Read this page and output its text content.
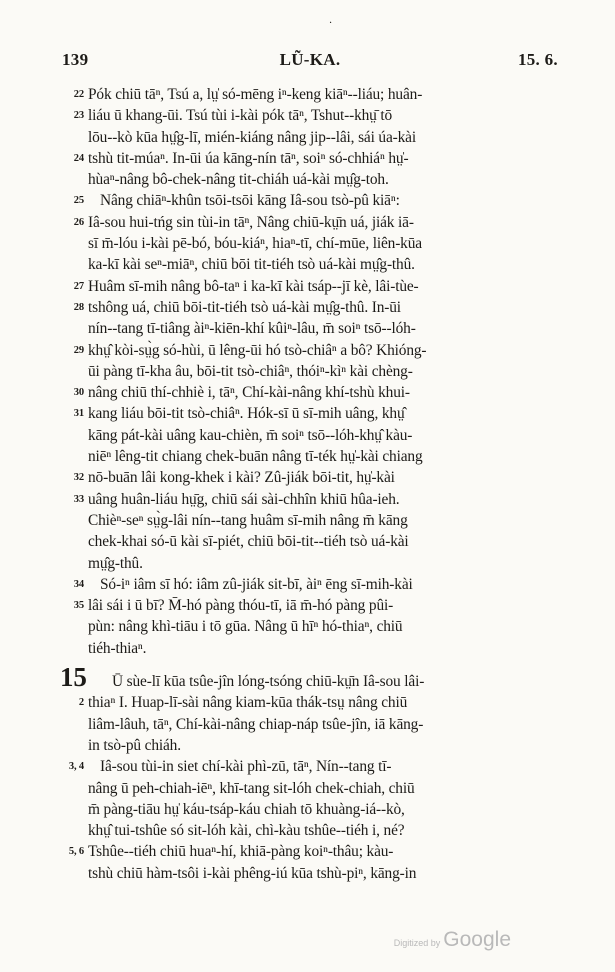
·
139	LŨ-KA.	15. 6.
22 Pók chiū tāⁿ, Tsú a, lṳ̍ só-mēng iⁿ-keng kiāⁿ--liáu; huân-
23 liáu ū khang-ūi. Tsú tùi i-kài pók tāⁿ, Tshut--khṳ̄ tō
lōu--kò kūa hṳ̂g-lī, mién-kiáng nâng jip--lâi, sái úa-kài
24 tshù tit-múaⁿ. In-ūi úa kāng-nín tāⁿ, soiⁿ só-chhiáⁿ hṳ̍-
hùaⁿ-nâng bô-chek-nâng tit-chiáh uá-kài mṳ̂g-toh.
25 Nâng chiāⁿ-khûn tsōi-tsōi kāng Iâ-sou tsò-pû kiāⁿ:
26 Iâ-sou hui-tńg sin tùi-in tāⁿ, Nâng chiū-kṳ̄n uá, jiák iā-
sī m̄-lóu i-kài pē-bó, bóu-kiáⁿ, hiaⁿ-tī, chí-mūe, liên-kūa
ka-kī kài seⁿ-miāⁿ, chiū bōi tit-tiéh tsò uá-kài mṳ̂g-thû.
27 Huâm sī-mih nâng bô-taⁿ i ka-kī kài tsáp--jī kè, lâi-tùe-
28 tshông uá, chiū bōi-tit-tiéh tsò uá-kài mṳ̂g-thû. In-ūi
nín--tang tī-tiâng àiⁿ-kiēn-khí kûiⁿ-lâu, m̄ soiⁿ tsō--lóh-
29 khṳ̂ kòi-sṳ̀g só-hùi, ū lêng-ūi hó tsò-chiâⁿ a bô? Khióng-
ūi pàng tī-kha âu, bōi-tit tsò-chiâⁿ, thóiⁿ-kìⁿ kài chèng-
30 nâng chiū thí-chhiè i, tāⁿ, Chí-kài-nâng khí-tshù khui-
31 kang liáu bōi-tit tsò-chiâⁿ. Hók-sī ū sī-mih uâng, khṳ̂
kāng pát-kài uâng kau-chièn, m̄ soiⁿ tsō--lóh-khṳ̂ kàu-
niēⁿ lêng-tit chiang chek-buān nâng tī-ték hṳ̍-kài chiang
32 nō-buān lâi kong-khek i kài? Zû-jiák bōi-tit, hṳ̍-kài
33 uâng huân-liáu hṳ̄g, chiū sái sài-chhîn khiū hûa-ieh.
Chièⁿ-seⁿ sṳ̀g-lâi nín--tang huâm sī-mih nâng m̄ kāng
chek-khai só-ū kài sī-piét, chiū bōi-tit--tiéh tsò uá-kài
mṳ̂g-thû.
34 Só-iⁿ iâm sī hó: iâm zû-jiák sit-bī, àiⁿ ēng sī-mih-kài
35 lâi sái i ū bī? M̄-hó pàng thóu-tī, iā m̄-hó pàng pûi-
pùn: nâng khì-tiāu i tō gūa. Nâng ū hīⁿ hó-thiaⁿ, chiū
tiéh-thiaⁿ.
15 Ū sùe-lī kūa tsûe-jîn lóng-tsóng chiū-kṳ̄n Iâ-sou lâi-
2 thiaⁿ I. Huap-lī-sài nâng kiam-kūa thák-tsṳ nâng chiū
liâm-lâuh, tāⁿ, Chí-kài-nâng chiap-náp tsûe-jîn, iā kāng-
in tsò-pû chiáh.
3, 4 Iâ-sou tùi-in siet chí-kài phì-zū, tāⁿ, Nín--tang tī-
nâng ū peh-chiah-iēⁿ, khī-tang sit-lóh chek-chiah, chiū
m̄ pàng-tiāu hṳ̍ káu-tsáp-káu chiah tō khuàng-iá--kò,
khṳ̂ tui-tshûe só sit-lóh kài, chì-kàu tshûe--tiéh i, né?
5, 6 Tshûe--tiéh chiū huaⁿ-hí, khiā-pàng koiⁿ-thâu; kàu-
tshù chiū hàm-tsôi i-kài phêng-iú kūa tshù-piⁿ, kāng-in
Digitized by Google
